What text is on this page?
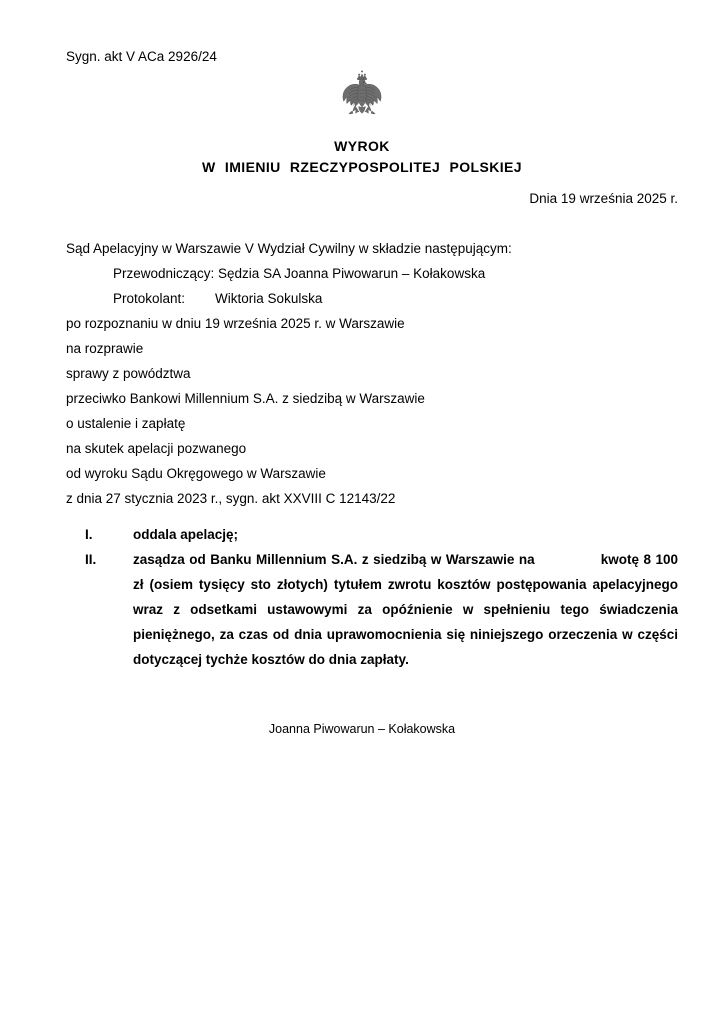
Sygn. akt V ACa 2926/24
WYROK
W IMIENIU RZECZYPOSPOLITEJ POLSKIEJ
Dnia 19 września 2025 r.
Sąd Apelacyjny w Warszawie V Wydział Cywilny w składzie następującym:
Przewodniczący: Sędzia SA Joanna Piwowarun – Kołakowska
Protokolant:        Wiktoria Sokulska
po rozpoznaniu w dniu 19 września 2025 r. w Warszawie
na rozprawie
sprawy z powództwa
przeciwko Bankowi Millennium S.A. z siedzibą w Warszawie
o ustalenie i zapłatę
na skutek apelacji pozwanego
od wyroku Sądu Okręgowego w Warszawie
z dnia 27 stycznia 2023 r., sygn. akt XXVIII C 12143/22
I.	oddala apelację;
II.	zasądza od Banku Millennium S.A. z siedzibą w Warszawie na	kwotę 8 100 zł (osiem tysięcy sto złotych) tytułem zwrotu kosztów postępowania apelacyjnego wraz z odsetkami ustawowymi za opóźnienie w spełnieniu tego świadczenia pieniężnego, za czas od dnia uprawomocnienia się niniejszego orzeczenia w części dotyczącej tychże kosztów do dnia zapłaty.
Joanna Piwowarun – Kołakowska
